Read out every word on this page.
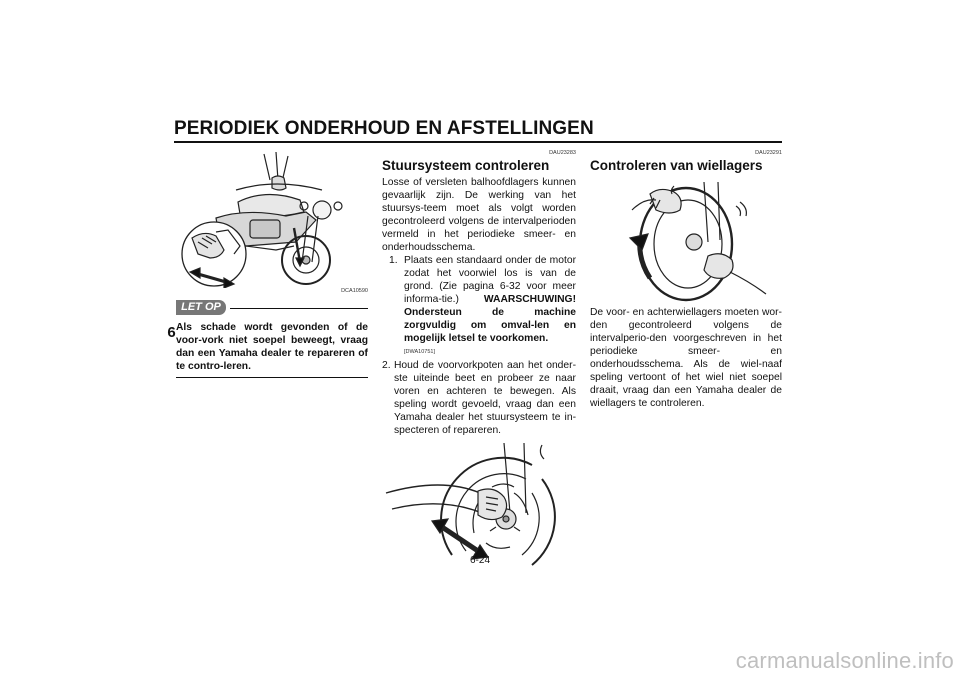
PERIODIEK ONDERHOUD EN AFSTELLINGEN
6
DCA10590
LET OP

Als schade wordt gevonden of de voor-vork niet soepel beweegt, vraag dan een Yamaha dealer te repareren of te contro-leren.

DAU23283
Stuursysteem controleren

Losse of versleten balhoofdlagers kunnen gevaarlijk zijn. De werking van het stuursys-teem moet als volgt worden gecontroleerd volgens de intervalperioden vermeld in het periodieke smeer- en onderhoudsschema.

1. Plaats een standaard onder de motor zodat het voorwiel los is van de grond. (Zie pagina 6-32 voor meer informa-tie.) WAARSCHUWING! Ondersteun de machine zorgvuldig om omval-len en mogelijk letsel te voorkomen.
[DWA10751]
2. Houd de voorvorkpoten aan het onder-ste uiteinde beet en probeer ze naar voren en achteren te bewegen. Als speling wordt gevoeld, vraag dan een Yamaha dealer het stuursysteem te in-specteren of repareren.
DAU23291
Controleren van wiellagers

De voor- en achterwiellagers moeten wor-den gecontroleerd volgens de intervalperio-den voorgeschreven in het periodieke smeer- en onderhoudsschema. Als de wiel-naaf speling vertoont of het wiel niet soepel draait, vraag dan een Yamaha dealer de wiellagers te controleren.

6-24
carmanualsonline.info
